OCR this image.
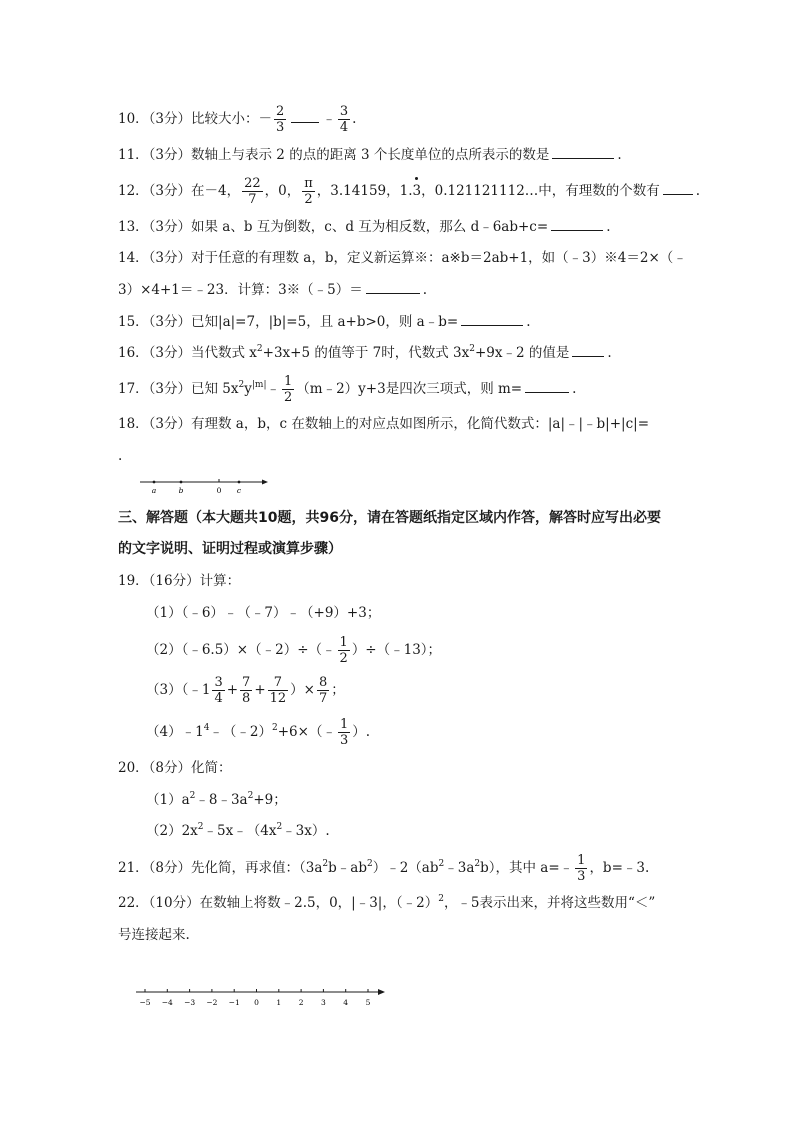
10．（3分）比较大小：－ $\frac{2}{3}$	﹣ $\frac{3}{4}$ .
11．（3分）数轴上与表示 2 的点的距离 3 个长度单位的点所表示的数是	.
12．（3分）在－4， $\frac{22}{7}$ ，0， $\frac{\pi}{2}$ ，3.14159，1.3，0.121121112…中，有理数的个数有	.
13．（3分）如果 a、b 互为倒数，c、d 互为相反数，那么 d﹣6ab+c=	.
14．（3分）对于任意的有理数 a，b，定义新运算※：a※b＝2ab+1，如（﹣3）※4＝2×（﹣
3）×4+1＝﹣23．计算：3※（﹣5）＝	.
15．（3分）已知|a|=7，|b|=5，且 a+b>0，则 a﹣b=	.
16．（3分）当代数式 $x^2+3x+5$ 的值等于 7时，代数式 $3x^2+9x﹣2$ 的值是	.
17．（3分）已知 $5x^2y^{|m|}﹣ \frac{1}{2}$ （m﹣2）y+3是四次三项式，则 m=	.
18．（3分）有理数 a，b，c 在数轴上的对应点如图所示，化简代数式：|a|﹣|﹣b|+|c|=
.
a	b	0 c
三、解答题（本大题共10题，共96分，请在答题纸指定区域内作答，解答时应写出必要
的文字说明、证明过程或演算步骤）
19．（16分）计算：
（1）（﹣6）﹣（﹣7）﹣（+9）+3；
（2）（﹣6.5）×（﹣2）÷（﹣ $\frac{1}{2}$ ）÷（﹣13）；
（3）（﹣1 $\frac{3}{4} + \frac{7}{8} + \frac{7}{12}$ ）× $\frac{8}{7}$ ；
$(4)﹣1^4﹣(﹣2)^2+6\times(﹣ \frac{1}{3}$ ）.
20．（8分）化简：
$(1)a^2﹣8﹣3a^2+9$；
$(2)2x^2﹣5x﹣(4x^2﹣3x)$.
21．（8分）先化简，再求值：$(3a^2b﹣ab^2)﹣2(ab^2﹣3a^2b)$，其中 a=﹣ $\frac{1}{3}$ ，b=﹣3.
22．（10分）在数轴上将数﹣2.5，0，|﹣3|，（﹣2）$^2$，﹣5表示出来，并将这些数用“＜”
号连接起来.
−5 −4 −3 −2 −1 0 1 2 3 4 5
